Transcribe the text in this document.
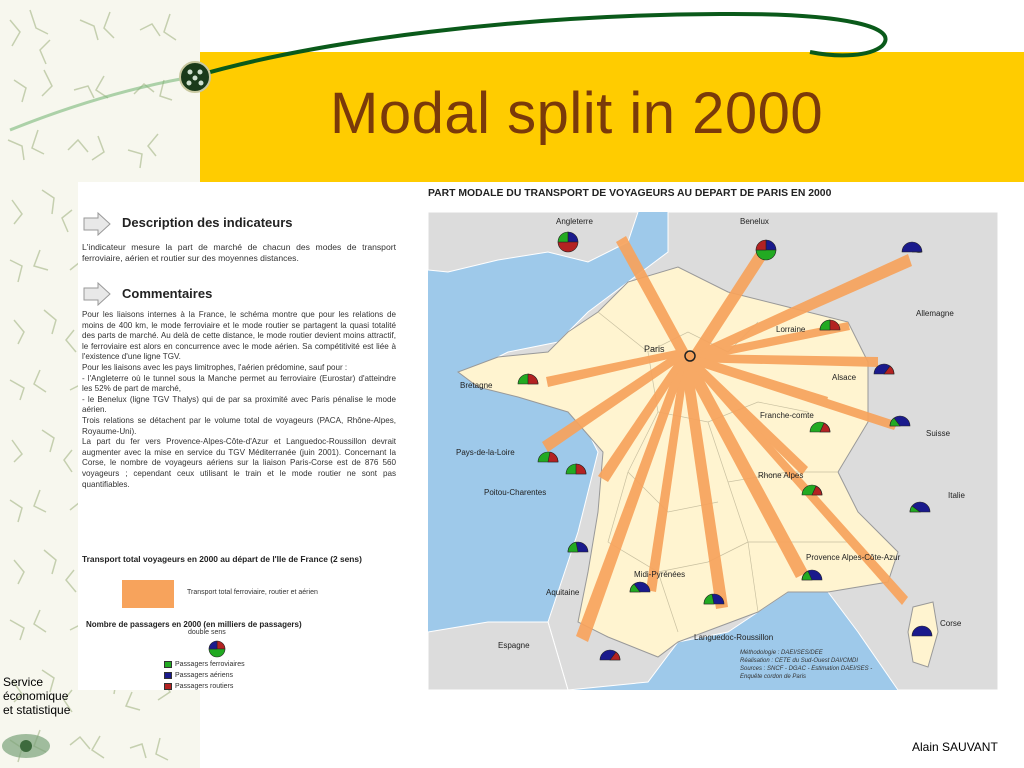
Modal split in 2000
Description des indicateurs
L'indicateur mesure la part de marché de chacun des modes de transport ferroviaire, aérien et routier sur des moyennes distances.
Commentaires
Pour les liaisons internes à la France, le schéma montre que pour les relations de moins de 400 km, le mode ferroviaire et le mode routier se partagent la quasi totalité des parts de marché. Au delà de cette distance, le mode routier devient moins attractif, le ferroviaire est alors en concurrence avec le mode aérien. Sa compétitivité est liée à l'existence d'une ligne TGV.
Pour les liaisons avec les pays limitrophes, l'aérien prédomine, sauf pour :
- l'Angleterre où le tunnel sous la Manche permet au ferroviaire (Eurostar) d'atteindre les 52% de part de marché,
- le Benelux (ligne TGV Thalys) qui de par sa proximité avec Paris pénalise le mode aérien.
Trois relations se détachent par le volume total de voyageurs (PACA, Rhône-Alpes, Royaume-Uni).
La part du fer vers Provence-Alpes-Côte-d'Azur et Languedoc-Roussillon devrait augmenter avec la mise en service du TGV Méditerranée (juin 2001). Concernant la Corse, le nombre de voyageurs aériens sur la liaison Paris-Corse est de 876 560 voyageurs ; cependant ceux utilisant le train et le mode routier ne sont pas quantifiables.
Transport total voyageurs en 2000 au départ de l'Ile de France (2 sens)
Transport total ferroviaire, routier et aérien
Nombre de passagers en 2000 (en milliers de passagers)
double sens
Passagers ferroviaires
Passagers aériens
Passagers routiers
PART MODALE DU TRANSPORT DE VOYAGEURS AU DEPART DE PARIS EN 2000
Paris
Angleterre	Benelux
Allemagne
Lorraine
Alsace
Bretagne
Pays-de-la-Loire
Poitou-Charentes
Franche-comte
Suisse
Rhone Alpes
Italie
Aquitaine
Midi-Pyrénées
Provence Alpes-Côte-Azur
Languedoc-Roussillon
Espagne
Corse
Méthodologie : DAEI/SES/DEE
Réalisation : CETE du Sud-Ouest DAI/CMDI
Sources : SNCF - DGAC - Estimation DAEI/SES -
Enquête cordon de Paris
Service
économique
et statistique
Alain SAUVANT
